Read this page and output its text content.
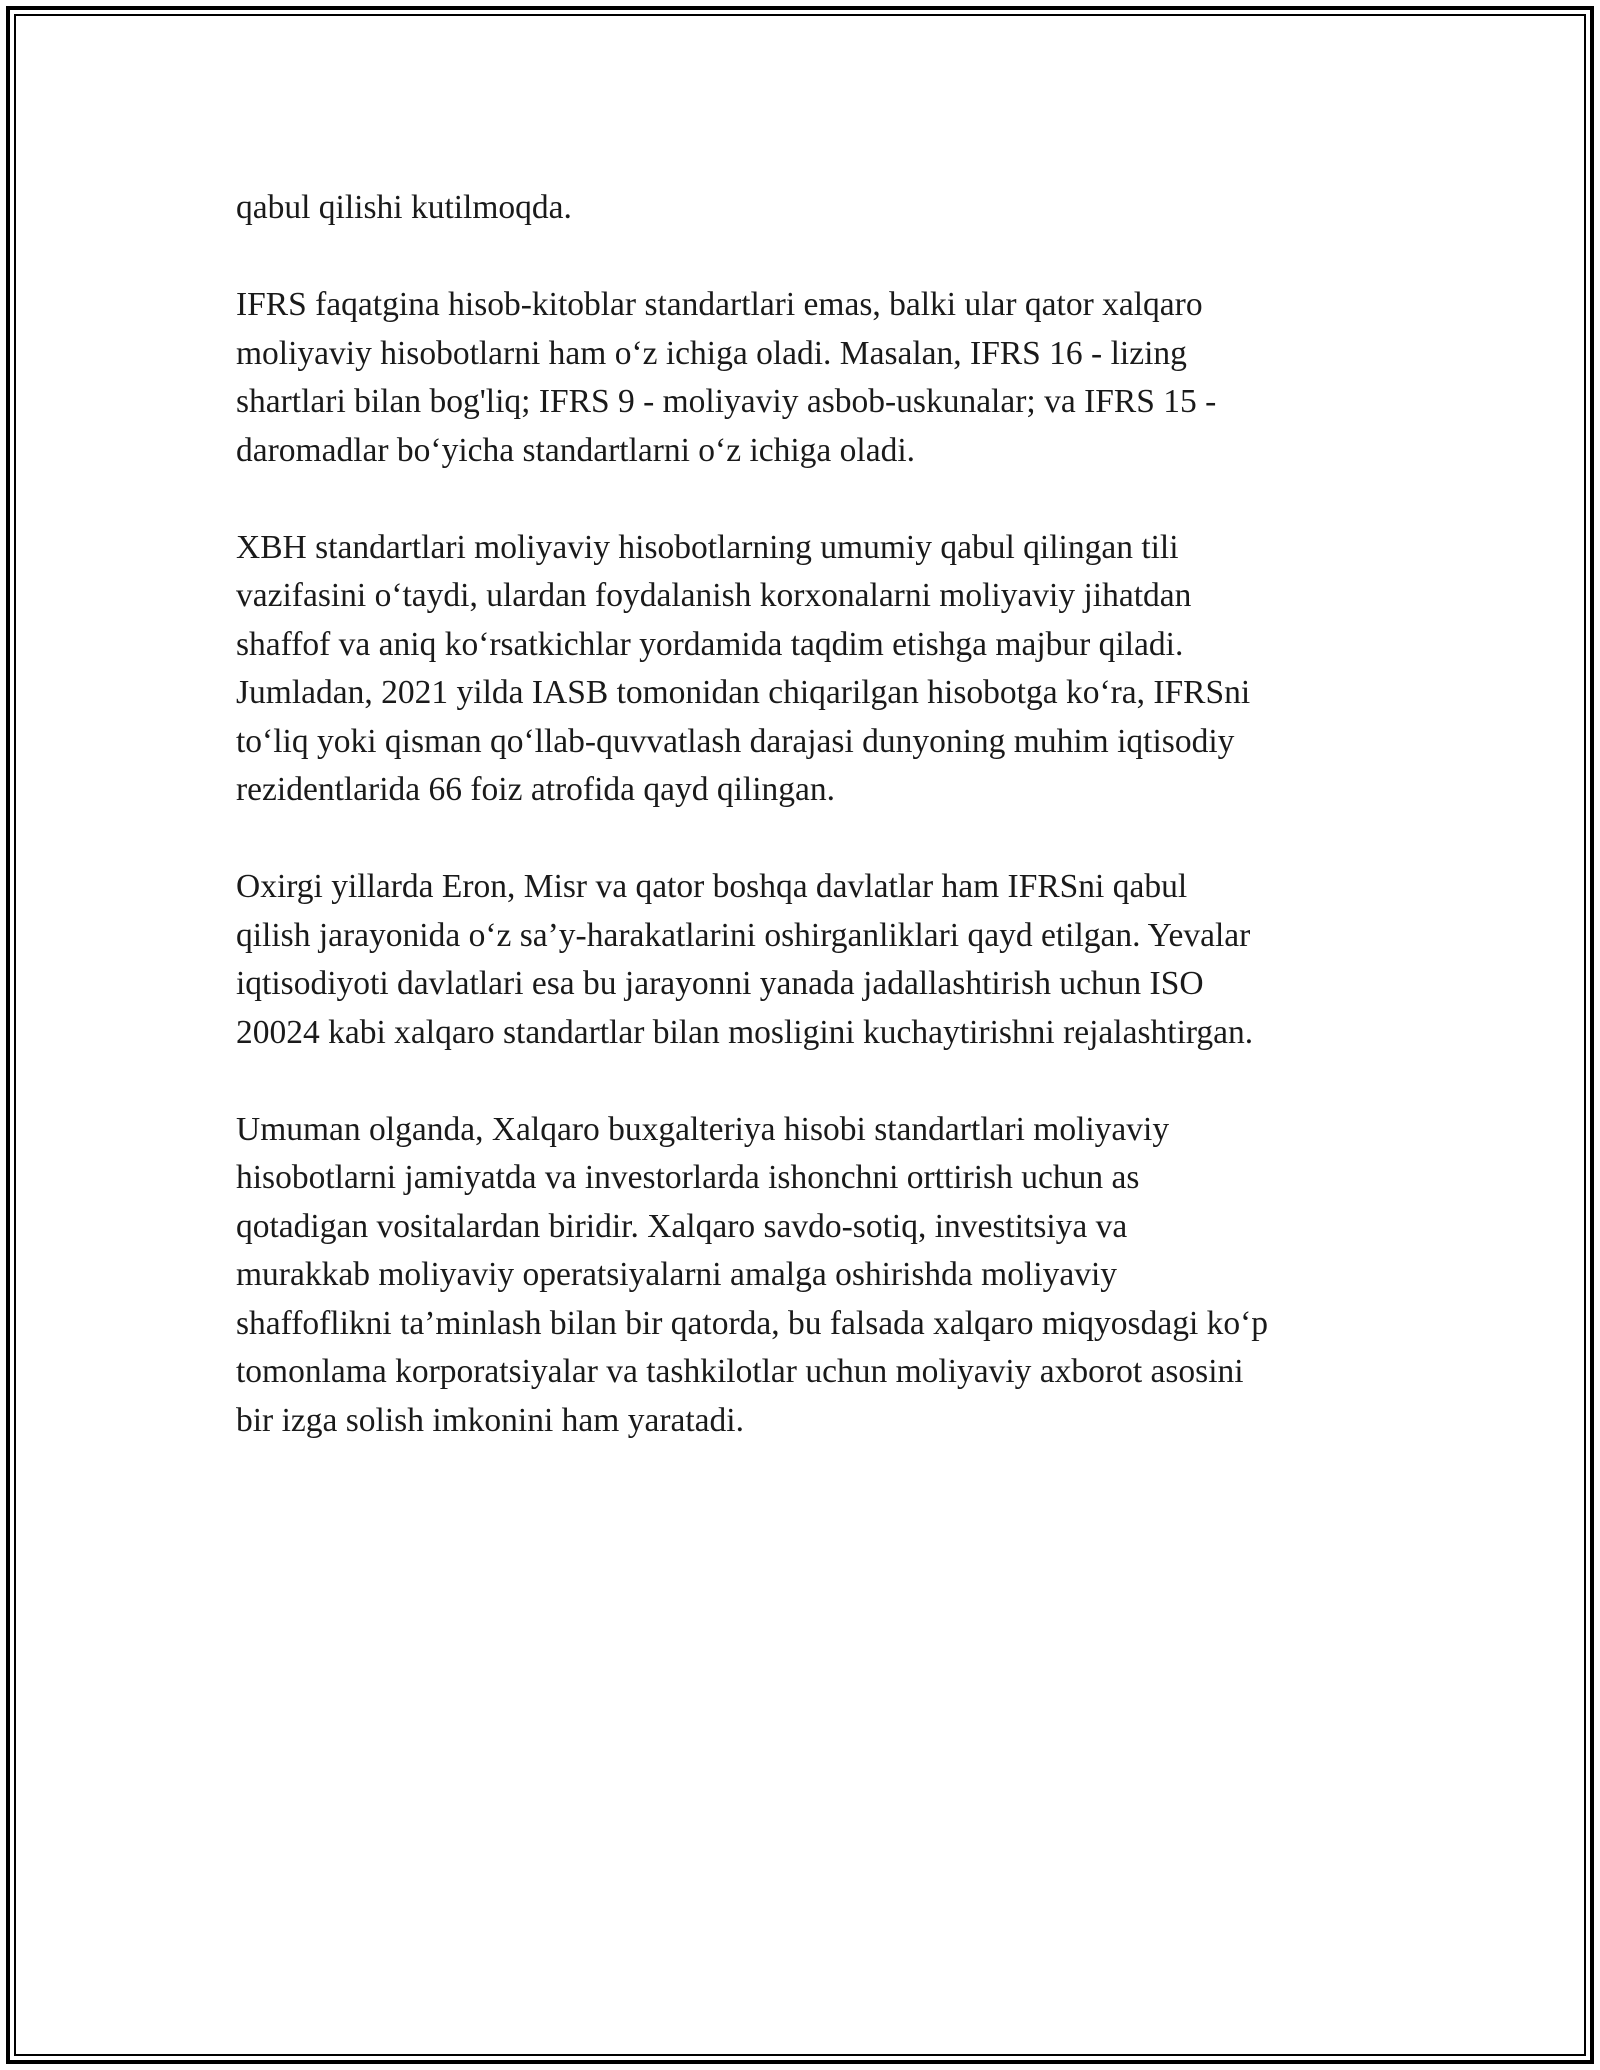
qabul qilishi kutilmoqda.

IFRS faqatgina hisob-kitoblar standartlari emas, balki ular qator xalqaro
moliyaviy hisobotlarni ham o‘z ichiga oladi. Masalan, IFRS 16 - lizing
shartlari bilan bog'liq; IFRS 9 - moliyaviy asbob-uskunalar; va IFRS 15 -
daromadlar bo‘yicha standartlarni o‘z ichiga oladi.

XBH standartlari moliyaviy hisobotlarning umumiy qabul qilingan tili
vazifasini o‘taydi, ulardan foydalanish korxonalarni moliyaviy jihatdan
shaffof va aniq ko‘rsatkichlar yordamida taqdim etishga majbur qiladi.
Jumladan, 2021 yilda IASB tomonidan chiqarilgan hisobotga ko‘ra, IFRSni
to‘liq yoki qisman qo‘llab-quvvatlash darajasi dunyoning muhim iqtisodiy
rezidentlarida 66 foiz atrofida qayd qilingan.

Oxirgi yillarda Eron, Misr va qator boshqa davlatlar ham IFRSni qabul
qilish jarayonida o‘z sa’y-harakatlarini oshirganliklari qayd etilgan. Yevalar
iqtisodiyoti davlatlari esa bu jarayonni yanada jadallashtirish uchun ISO
20024 kabi xalqaro standartlar bilan mosligini kuchaytirishni rejalashtirgan.

Umuman olganda, Xalqaro buxgalteriya hisobi standartlari moliyaviy
hisobotlarni jamiyatda va investorlarda ishonchni orttirish uchun as
qotadigan vositalardan biridir. Xalqaro savdo-sotiq, investitsiya va
murakkab moliyaviy operatsiyalarni amalga oshirishda moliyaviy
shaffoflikni ta’minlash bilan bir qatorda, bu falsada xalqaro miqyosdagi ko‘p
tomonlama korporatsiyalar va tashkilotlar uchun moliyaviy axborot asosini
bir izga solish imkonini ham yaratadi.
